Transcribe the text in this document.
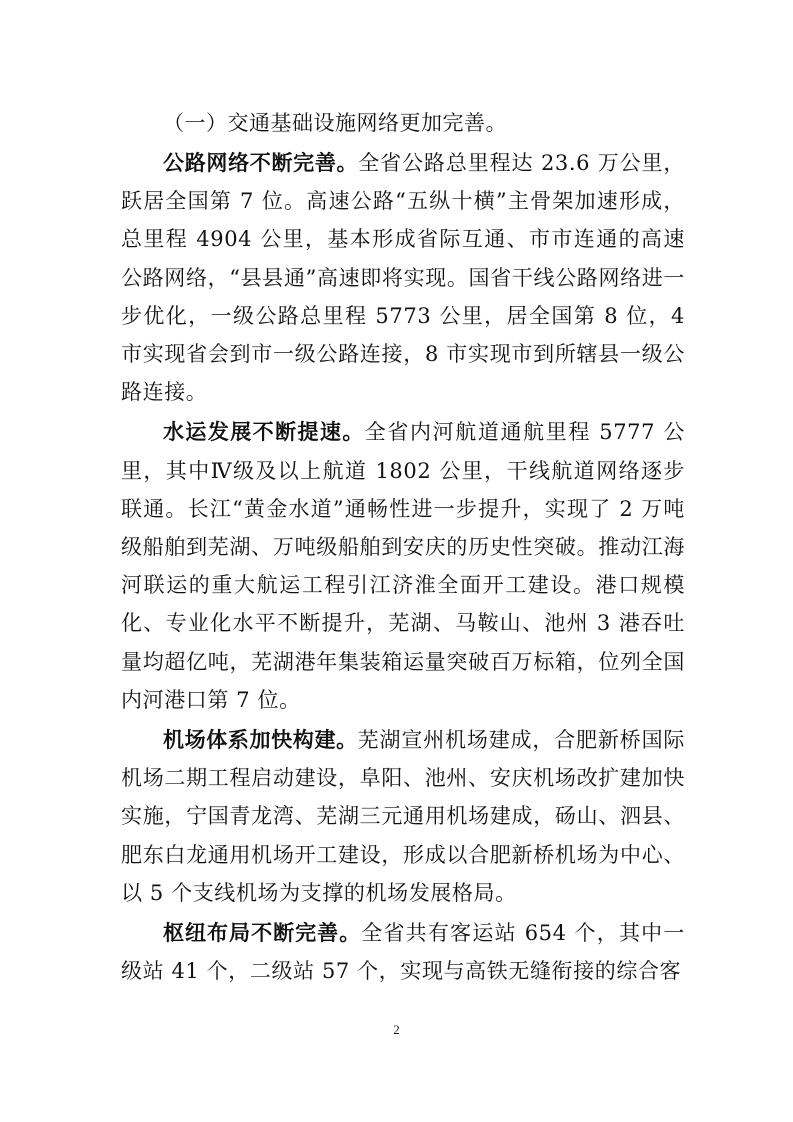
（一）交通基础设施网络更加完善。

公路网络不断完善。全省公路总里程达 23.6 万公里，跃居全国第 7 位。高速公路“五纵十横”主骨架加速形成，总里程 4904 公里，基本形成省际互通、市市连通的高速公路网络，“县县通”高速即将实现。国省干线公路网络进一步优化，一级公路总里程 5773 公里，居全国第 8 位，4 市实现省会到市一级公路连接，8 市实现市到所辖县一级公路连接。

水运发展不断提速。全省内河航道通航里程 5777 公里，其中Ⅳ级及以上航道 1802 公里，干线航道网络逐步联通。长江“黄金水道”通畅性进一步提升，实现了 2 万吨级船舶到芜湖、万吨级船舶到安庆的历史性突破。推动江海河联运的重大航运工程引江济淮全面开工建设。港口规模化、专业化水平不断提升，芜湖、马鞍山、池州 3 港吞吐量均超亿吨，芜湖港年集装箱运量突破百万标箱，位列全国内河港口第 7 位。

机场体系加快构建。芜湖宣州机场建成，合肥新桥国际机场二期工程启动建设，阜阳、池州、安庆机场改扩建加快实施，宁国青龙湾、芜湖三元通用机场建成，砀山、泗县、肥东白龙通用机场开工建设，形成以合肥新桥机场为中心、以 5 个支线机场为支撑的机场发展格局。

枢纽布局不断完善。全省共有客运站 654 个，其中一级站 41 个，二级站 57 个，实现与高铁无缝衔接的综合客

2
